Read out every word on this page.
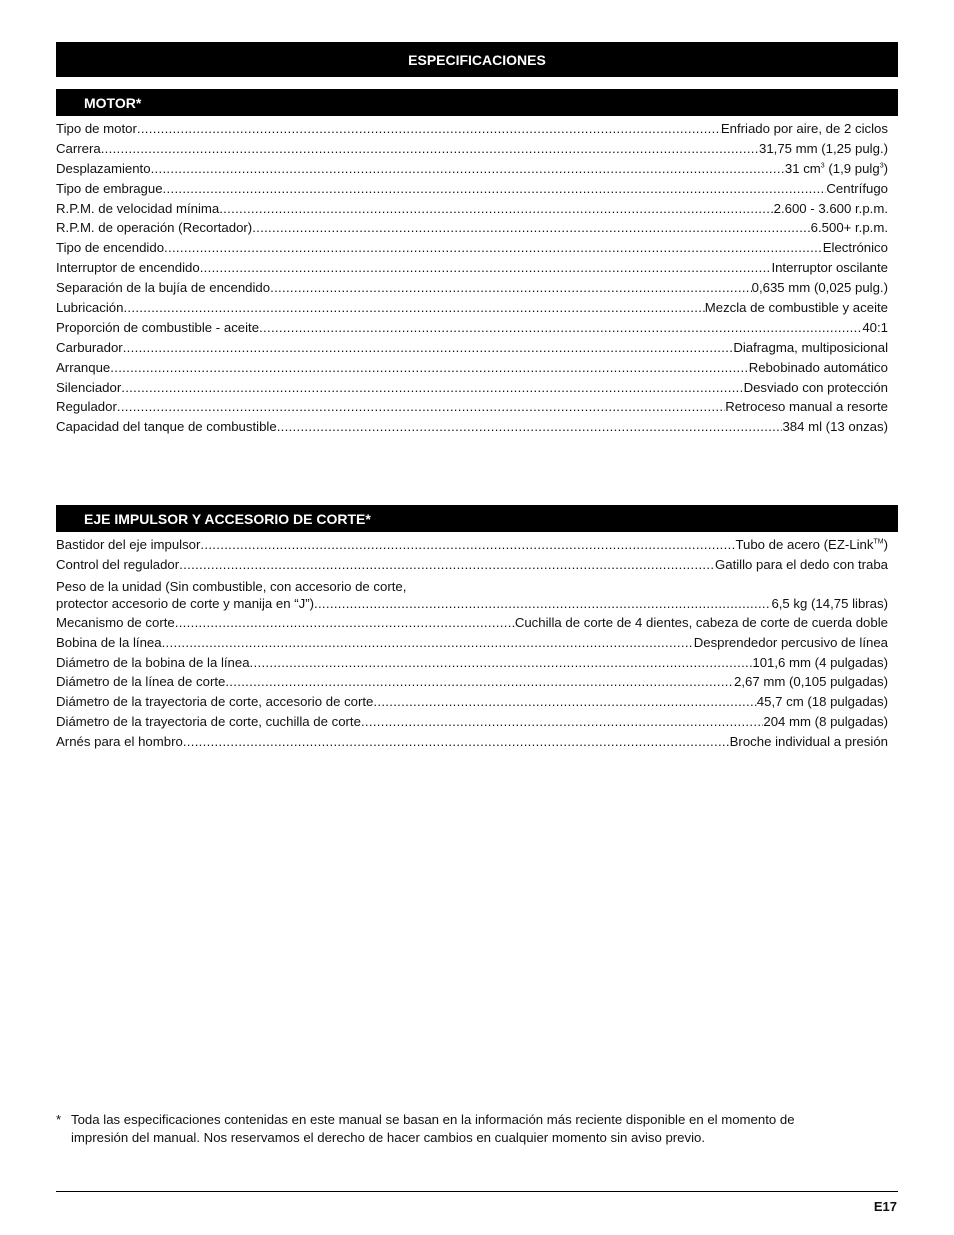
ESPECIFICACIONES
MOTOR*
Tipo de motor .....	Enfriado por aire, de 2 ciclos
Carrera .....	31,75 mm (1,25 pulg.)
Desplazamiento .....	31 $cm^3$ (1,9 pulg$^3$)
Tipo de embrague .....	Centrífugo
R.P.M. de velocidad mínima .....	2.600 - 3.600 r.p.m.
R.P.M. de operación (Recortador) .....	6.500+ r.p.m.
Tipo de encendido .....	Electrónico
Interruptor de encendido .....	Interruptor oscilante
Separación de la bujía de encendido .....	0,635 mm (0,025 pulg.)
Lubricación .....	Mezcla de combustible y aceite
Proporción de combustible - aceite .....	40:1
Carburador .....	Diafragma, multiposicional
Arranque .....	Rebobinado automático
Silenciador .....	Desviado con protección
Regulador .....	Retroceso manual a resorte
Capacidad del tanque de combustible .....	384 ml (13 onzas)
EJE IMPULSOR Y ACCESORIO DE CORTE*
Bastidor del eje impulsor .....	Tubo de acero (EZ-Link™)
Control del regulador .....	Gatillo para el dedo con traba
Peso de la unidad (Sin combustible, con accesorio de corte,
protector accesorio de corte y manija en “J”) .....	6,5 kg (14,75 libras)
Mecanismo de corte .....	Cuchilla de corte de 4 dientes, cabeza de corte de cuerda doble
Bobina de la línea .....	Desprendedor percusivo de línea
Diámetro de la bobina de la línea .....	101,6 mm (4 pulgadas)
Diámetro de la línea de corte .....	2,67 mm (0,105 pulgadas)
Diámetro de la trayectoria de corte, accesorio de corte .....	45,7 cm (18 pulgadas)
Diámetro de la trayectoria de corte, cuchilla de corte .....	204 mm (8 pulgadas)
Arnés para el hombro .....	Broche individual a presión
* Toda las especificaciones contenidas en este manual se basan en la información más reciente disponible en el momento de impresión del manual. Nos reservamos el derecho de hacer cambios en cualquier momento sin aviso previo.
E17
